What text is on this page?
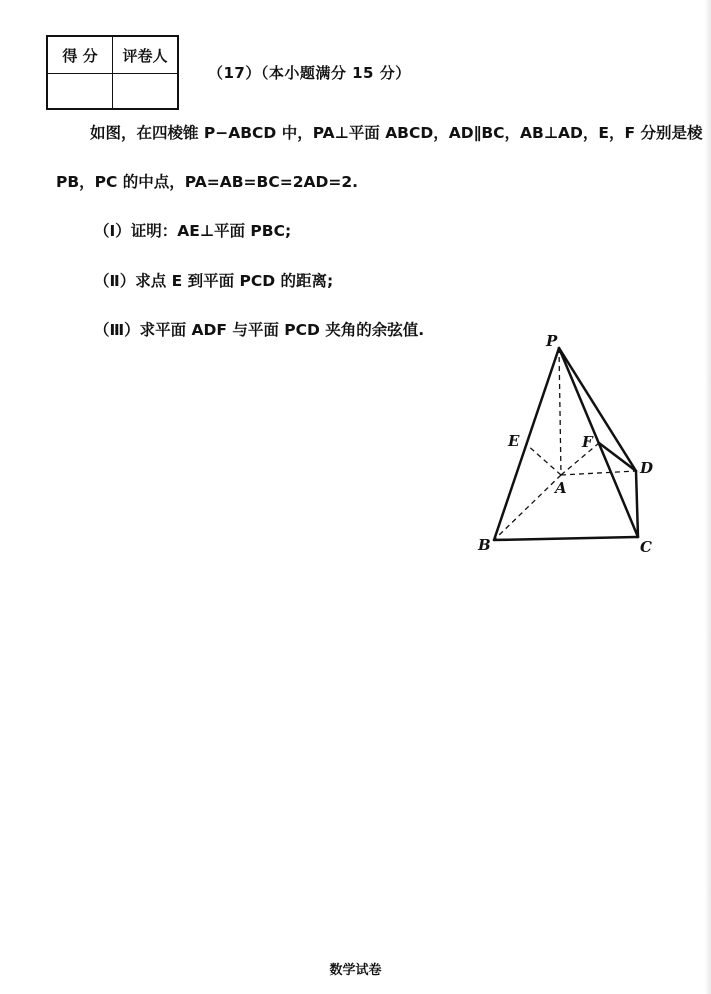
得 分	评卷人

（17）（本小题满分 15 分）
如图，在四棱锥 P−ABCD 中，PA⊥平面 ABCD，AD∥BC，AB⊥AD，E，F 分别是棱
PB，PC 的中点，PA=AB=BC=2AD=2.
（Ⅰ）证明：AE⊥平面 PBC;
（Ⅱ）求点 E 到平面 PCD 的距离;
（Ⅲ）求平面 ADF 与平面 PCD 夹角的余弦值.
P
E	F
A
D
B	C
数学试卷
